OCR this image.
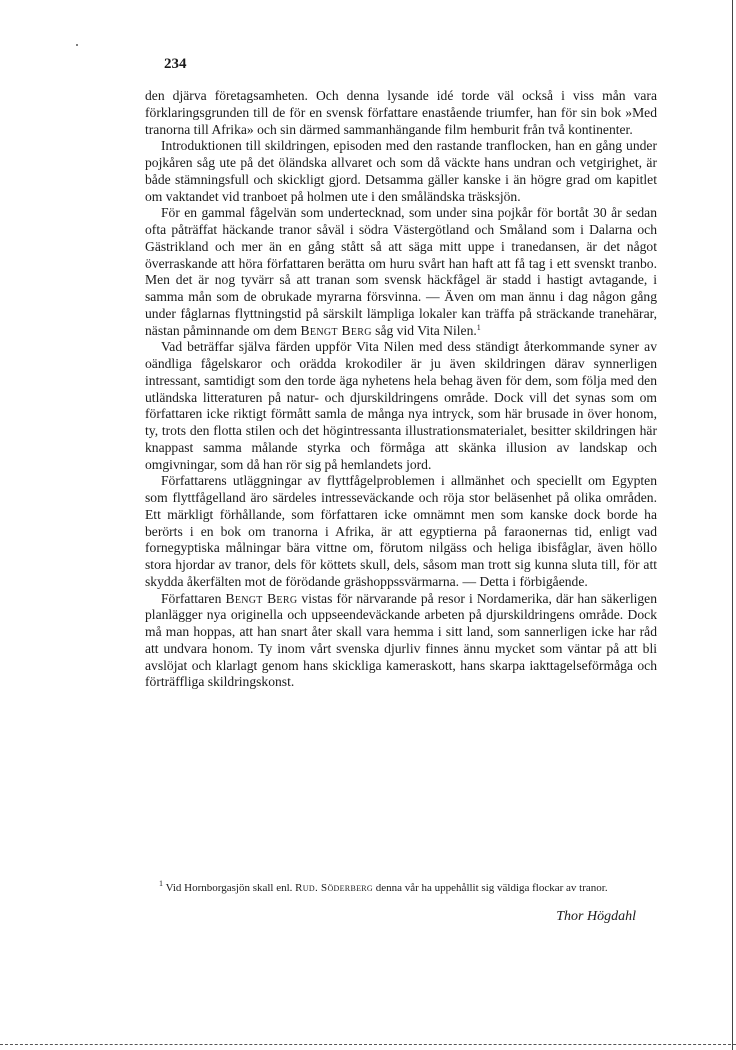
234

den djärva företagsamheten. Och denna lysande idé torde väl också i viss mån vara förklaringsgrunden till de för en svensk författare enastående triumfer, han för sin bok »Med tranorna till Afrika» och sin därmed sammanhängande film hemburit från två kontinenter.

Introduktionen till skildringen, episoden med den rastande tranflocken, han en gång under pojkåren såg ute på det öländska allvaret och som då väckte hans undran och vetgirighet, är både stämningsfull och skickligt gjord. Detsamma gäller kanske i än högre grad om kapitlet om vaktandet vid tranboet på holmen ute i den småländska träsksjön.

För en gammal fågelvän som undertecknad, som under sina pojkår för bortåt 30 år sedan ofta påträffat häckande tranor såväl i södra Västergötland och Småland som i Dalarna och Gästrikland och mer än en gång stått så att säga mitt uppe i tranedansen, är det något överraskande att höra författaren berätta om huru svårt han haft att få tag i ett svenskt tranbo. Men det är nog tyvärr så att tranan som svensk häckfågel är stadd i hastigt avtagande, i samma mån som de obrukade myrarna försvinna. — Även om man ännu i dag någon gång under fåglarnas flyttningstid på särskilt lämpliga lokaler kan träffa på sträckande tranehärar, nästan påminnande om dem Bengt Berg såg vid Vita Nilen.$^1$

Vad beträffar själva färden uppför Vita Nilen med dess ständigt återkommande syner av oändliga fågelskaror och orädda krokodiler är ju även skildringen därav synnerligen intressant, samtidigt som den torde äga nyhetens hela behag även för dem, som följa med den utländska litteraturen på natur- och djurskildringens område. Dock vill det synas som om författaren icke riktigt förmått samla de många nya intryck, som här brusade in över honom, ty, trots den flotta stilen och det högintressanta illustrationsmaterialet, besitter skildringen här knappast samma målande styrka och förmåga att skänka illusion av landskap och omgivningar, som då han rör sig på hemlandets jord.

Författarens utläggningar av flyttfågelproblemen i allmänhet och speciellt om Egypten som flyttfågelland äro särdeles intresseväckande och röja stor beläsenhet på olika områden. Ett märkligt förhållande, som författaren icke omnämnt men som kanske dock borde ha berörts i en bok om tranorna i Afrika, är att egyptierna på faraonernas tid, enligt vad fornegyptiska målningar bära vittne om, förutom nilgäss och heliga ibisfåglar, även höllo stora hjordar av tranor, dels för köttets skull, dels, såsom man trott sig kunna sluta till, för att skydda åkerfälten mot de förödande gräshoppssvärmarna. — Detta i förbigående.

Författaren Bengt Berg vistas för närvarande på resor i Nordamerika, där han säkerligen planlägger nya originella och uppseendeväckande arbeten på djurskildringens område. Dock må man hoppas, att han snart åter skall vara hemma i sitt land, som sannerligen icke har råd att undvara honom. Ty inom vårt svenska djurliv finnes ännu mycket som väntar på att bli avslöjat och klarlagt genom hans skickliga kameraskott, hans skarpa iakttagelseförmåga och förträffliga skildringskonst.

$^1$ Vid Hornborgasjön skall enl. Rud. Söderberg denna vår ha uppehållit sig väldiga flockar av tranor.
Thor Högdahl
